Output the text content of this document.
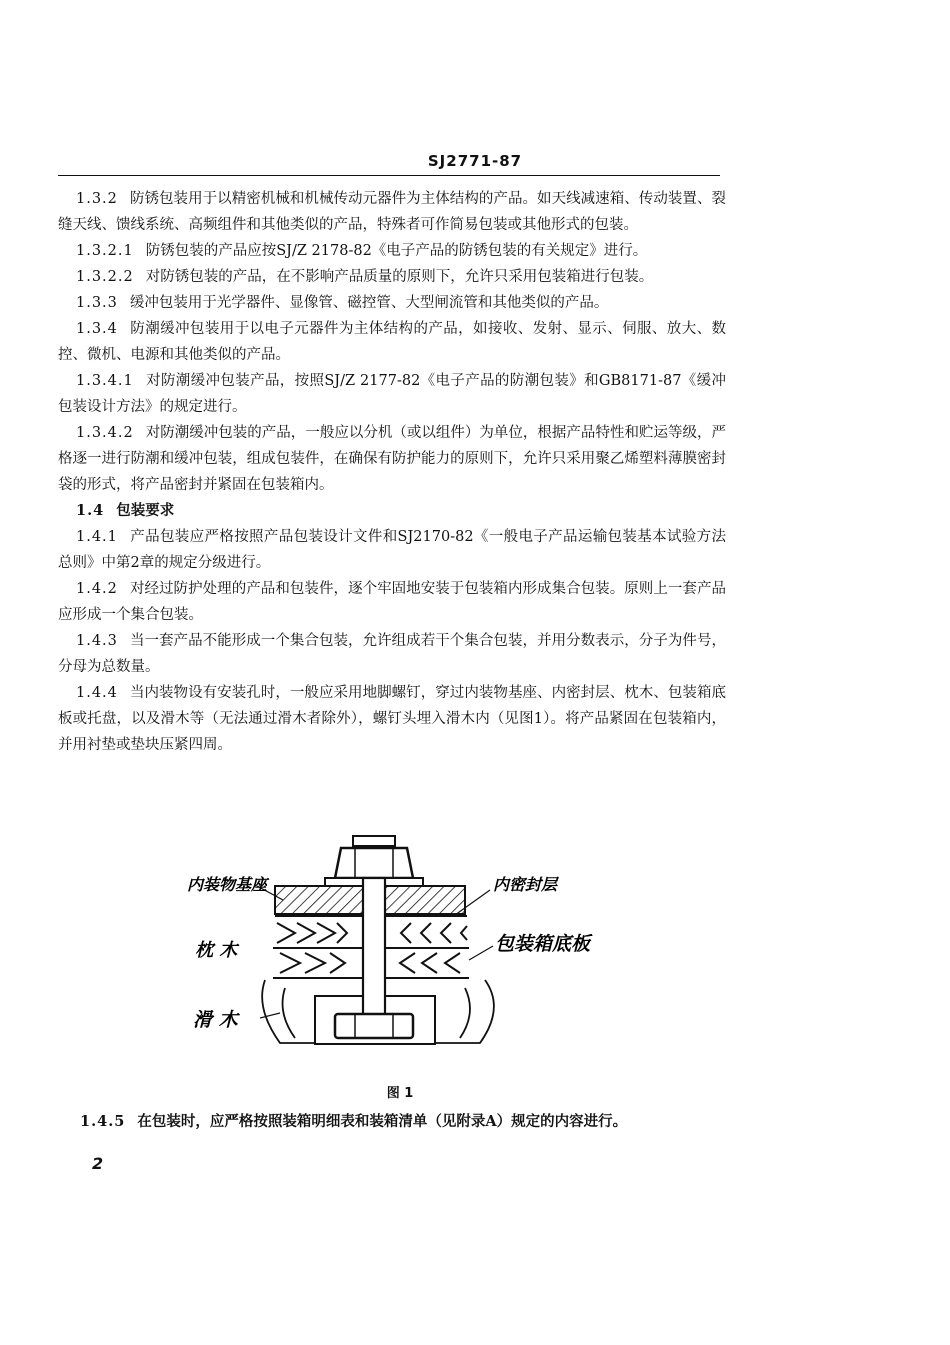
SJ2771-87

1.3.2 防锈包装用于以精密机械和机械传动元器件为主体结构的产品。如天线减速箱、传动装置、裂缝天线、馈线系统、高频组件和其他类似的产品，特殊者可作简易包装或其他形式的包装。

1.3.2.1 防锈包装的产品应按SJ/Z 2178-82《电子产品的防锈包装的有关规定》进行。

1.3.2.2 对防锈包装的产品，在不影响产品质量的原则下，允许只采用包装箱进行包装。

1.3.3 缓冲包装用于光学器件、显像管、磁控管、大型闸流管和其他类似的产品。

1.3.4 防潮缓冲包装用于以电子元器件为主体结构的产品，如接收、发射、显示、伺服、放大、数控、微机、电源和其他类似的产品。

1.3.4.1 对防潮缓冲包装产品，按照SJ/Z 2177-82《电子产品的防潮包装》和GB8171-87《缓冲包装设计方法》的规定进行。

1.3.4.2 对防潮缓冲包装的产品，一般应以分机（或以组件）为单位，根据产品特性和贮运等级，严格逐一进行防潮和缓冲包装，组成包装件，在确保有防护能力的原则下，允许只采用聚乙烯塑料薄膜密封袋的形式，将产品密封并紧固在包装箱内。

1.4 包装要求

1.4.1 产品包装应严格按照产品包装设计文件和SJ2170-82《一般电子产品运输包装基本试验方法 总则》中第2章的规定分级进行。

1.4.2 对经过防护处理的产品和包装件，逐个牢固地安装于包装箱内形成集合包装。原则上一套产品应形成一个集合包装。

1.4.3 当一套产品不能形成一个集合包装，允许组成若干个集合包装，并用分数表示，分子为件号，分母为总数量。

1.4.4 当内装物设有安装孔时，一般应采用地脚螺钉，穿过内装物基座、内密封层、枕木、包装箱底板或托盘，以及滑木等（无法通过滑木者除外），螺钉头埋入滑木内（见图1）。将产品紧固在包装箱内，并用衬垫或垫块压紧四周。

内装物基座	内密封层
枕 木	包装箱底板
滑 木
图 1
1.4.5 在包装时，应严格按照装箱明细表和装箱清单（见附录A）规定的内容进行。
2
